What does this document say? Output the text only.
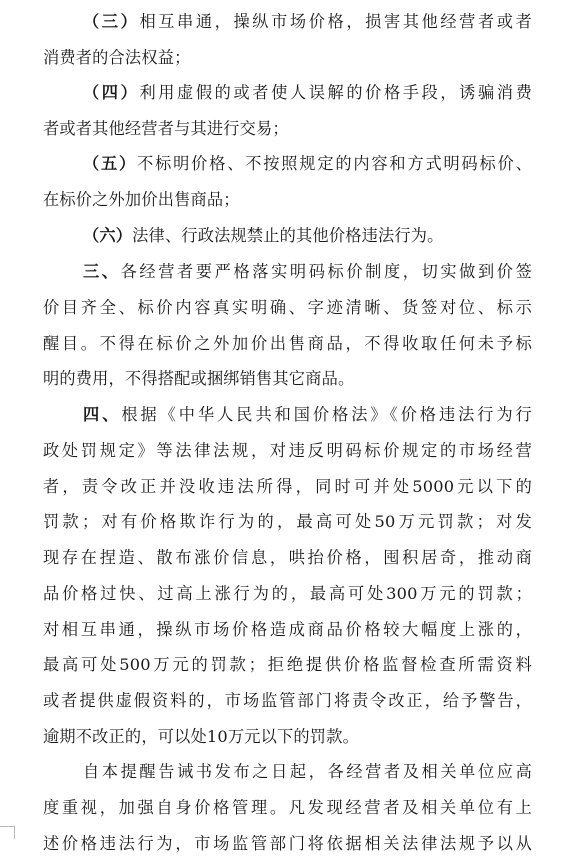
（三）相互串通，操纵市场价格，损害其他经营者或者
消费者的合法权益；
（四）利用虚假的或者使人误解的价格手段，诱骗消费
者或者其他经营者与其进行交易；
（五）不标明价格、不按照规定的内容和方式明码标价、
在标价之外加价出售商品；
（六）法律、行政法规禁止的其他价格违法行为。
三、各经营者要严格落实明码标价制度，切实做到价签
价目齐全、标价内容真实明确、字迹清晰、货签对位、标示
醒目。不得在标价之外加价出售商品，不得收取任何未予标
明的费用，不得搭配或捆绑销售其它商品。
四、根据《中华人民共和国价格法》《价格违法行为行
政处罚规定》等法律法规，对违反明码标价规定的市场经营
者，责令改正并没收违法所得，同时可并处5000元以下的
罚款；对有价格欺诈行为的，最高可处50万元罚款；对发
现存在捏造、散布涨价信息，哄抬价格，囤积居奇，推动商
品价格过快、过高上涨行为的，最高可处300万元的罚款；
对相互串通，操纵市场价格造成商品价格较大幅度上涨的，
最高可处500万元的罚款；拒绝提供价格监督检查所需资料
或者提供虚假资料的，市场监管部门将责令改正，给予警告，
逾期不改正的，可以处10万元以下的罚款。
自本提醒告诫书发布之日起，各经营者及相关单位应高
度重视，加强自身价格管理。凡发现经营者及相关单位有上
述价格违法行为，市场监管部门将依据相关法律法规予以从
